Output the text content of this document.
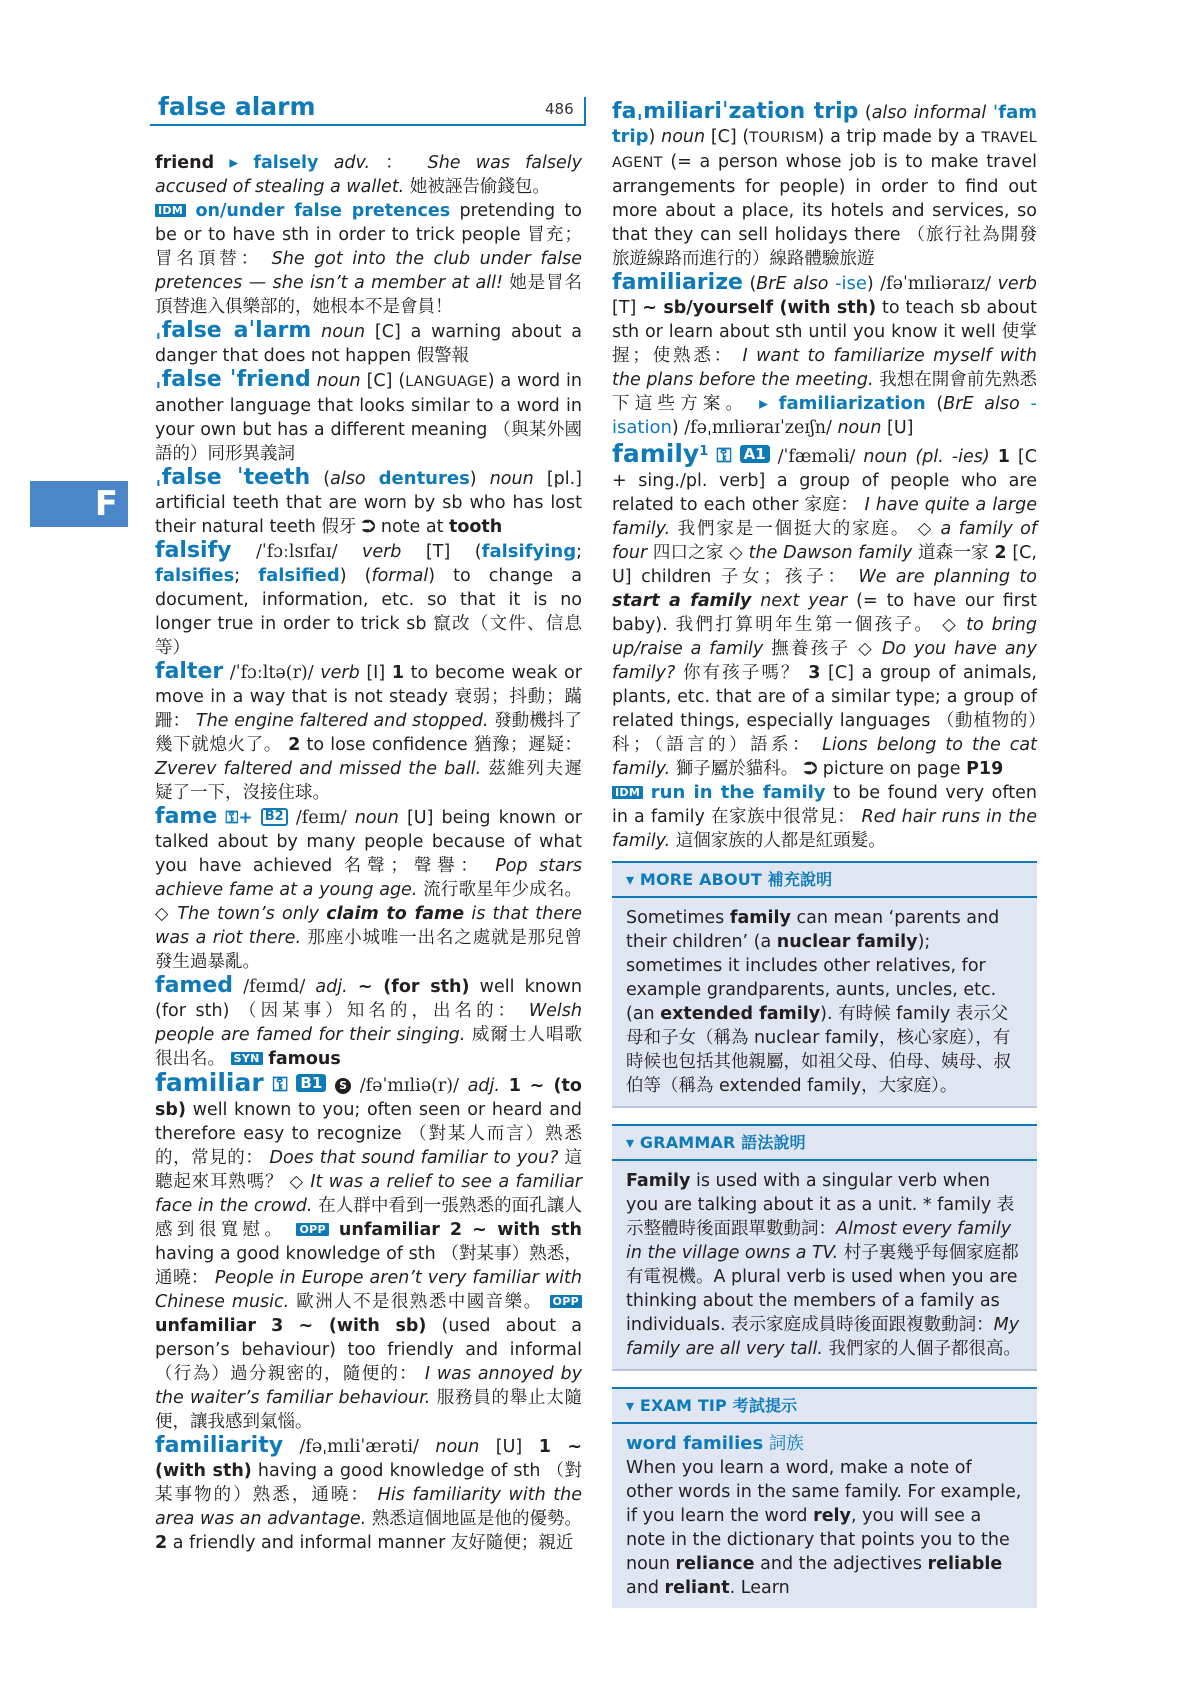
false alarm	486
F
friend ▸ falsely adv. ： She was falsely accused of stealing a wallet. 她被誣告偷錢包。
IDM on/under false pretences pretending to be or to have sth in order to trick people 冒充；冒名頂替： She got into the club under false pretences — she isn’t a member at all! 她是冒名頂替進入俱樂部的，她根本不是會員！
ˌfalse aˈlarm noun [C] a warning about a danger that does not happen 假警報
ˌfalse ˈfriend noun [C] (LANGUAGE) a word in another language that looks similar to a word in your own but has a different meaning （與某外國語的）同形異義詞
ˌfalse ˈteeth (also dentures) noun [pl.] artificial teeth that are worn by sb who has lost their natural teeth 假牙 ⮊ note at tooth
falsify /ˈfɔːlsɪfaɪ/ verb [T] (falsifying; falsifies; falsified) (formal) to change a document, information, etc. so that it is no longer true in order to trick sb 竄改（文件、信息等）
falter /ˈfɔːltə(r)/ verb [I] 1 to become weak or move in a way that is not steady 衰弱；抖動；蹣跚： The engine faltered and stopped. 發動機抖了幾下就熄火了。 2 to lose confidence 猶豫；遲疑： Zverev faltered and missed the ball. 茲維列夫遲疑了一下，沒接住球。
fame ⚿+ B2 /feɪm/ noun [U] being known or talked about by many people because of what you have achieved 名聲；聲譽： Pop stars achieve fame at a young age. 流行歌星年少成名。 ◇ The town’s only claim to fame is that there was a riot there. 那座小城唯一出名之處就是那兒曾發生過暴亂。
famed /feɪmd/ adj. ~ (for sth) well known (for sth) （因某事）知名的，出名的： Welsh people are famed for their singing. 威爾士人唱歌很出名。 SYN famous
familiar ⚿ B1 S /fəˈmɪliə(r)/ adj. 1 ~ (to sb) well known to you; often seen or heard and therefore easy to recognize （對某人而言）熟悉的，常見的： Does that sound familiar to you? 這聽起來耳熟嗎？ ◇ It was a relief to see a familiar face in the crowd. 在人群中看到一張熟悉的面孔讓人感到很寬慰。 OPP unfamiliar 2 ~ with sth having a good knowledge of sth （對某事）熟悉，通曉： People in Europe aren’t very familiar with Chinese music. 歐洲人不是很熟悉中國音樂。 OPP unfamiliar 3 ~ (with sb) (used about a person’s behaviour) too friendly and informal （行為）過分親密的，隨便的： I was annoyed by the waiter’s familiar behaviour. 服務員的舉止太隨便，讓我感到氣惱。
familiarity /fəˌmɪliˈærəti/ noun [U] 1 ~ (with sth) having a good knowledge of sth （對某事物的）熟悉，通曉： His familiarity with the area was an advantage. 熟悉這個地區是他的優勢。 2 a friendly and informal manner 友好隨便；親近
faˌmiliariˈzation trip (also informal ˈfam trip) noun [C] (TOURISM) a trip made by a TRAVEL AGENT (= a person whose job is to make travel arrangements for people) in order to find out more about a place, its hotels and services, so that they can sell holidays there （旅行社為開發旅遊線路而進行的）線路體驗旅遊
familiarize (BrE also -ise) /fəˈmɪliəraɪz/ verb [T] ~ sb/yourself (with sth) to teach sb about sth or learn about sth until you know it well 使掌握；使熟悉： I want to familiarize myself with the plans before the meeting. 我想在開會前先熟悉下這些方案。 ▸ familiarization (BrE also -isation) /fəˌmɪliəraɪˈzeɪʃn/ noun [U]
family$^1$ ⚿ A1 /ˈfæməli/ noun (pl. -ies) 1 [C + sing./pl. verb] a group of people who are related to each other 家庭： I have quite a large family. 我們家是一個挺大的家庭。 ◇ a family of four 四口之家 ◇ the Dawson family 道森一家 2 [C, U] children 子女；孩子： We are planning to start a family next year (= to have our first baby). 我們打算明年生第一個孩子。 ◇ to bring up/raise a family 撫養孩子 ◇ Do you have any family? 你有孩子嗎？ 3 [C] a group of animals, plants, etc. that are of a similar type; a group of related things, especially languages （動植物的）科；（語言的）語系： Lions belong to the cat family. 獅子屬於貓科。 ⮊ picture on page P19
IDM run in the family to be found very often in a family 在家族中很常見： Red hair runs in the family. 這個家族的人都是紅頭髮。
▾ MORE ABOUT 補充說明
Sometimes family can mean ‘parents and their children’ (a nuclear family); sometimes it includes other relatives, for example grandparents, aunts, uncles, etc. (an extended family). 有時候 family 表示父母和子女（稱為 nuclear family，核心家庭），有時候也包括其他親屬，如祖父母、伯母、姨母、叔伯等（稱為 extended family，大家庭）。
▾ GRAMMAR 語法說明
Family is used with a singular verb when you are talking about it as a unit. * family 表示整體時後面跟單數動詞：Almost every family in the village owns a TV. 村子裏幾乎每個家庭都有電視機。A plural verb is used when you are thinking about the members of a family as individuals. 表示家庭成員時後面跟複數動詞：My family are all very tall. 我們家的人個子都很高。
▾ EXAM TIP 考試提示
word families 詞族
When you learn a word, make a note of other words in the same family. For example, if you learn the word rely, you will see a note in the dictionary that points you to the noun reliance and the adjectives reliable and reliant. Learn
